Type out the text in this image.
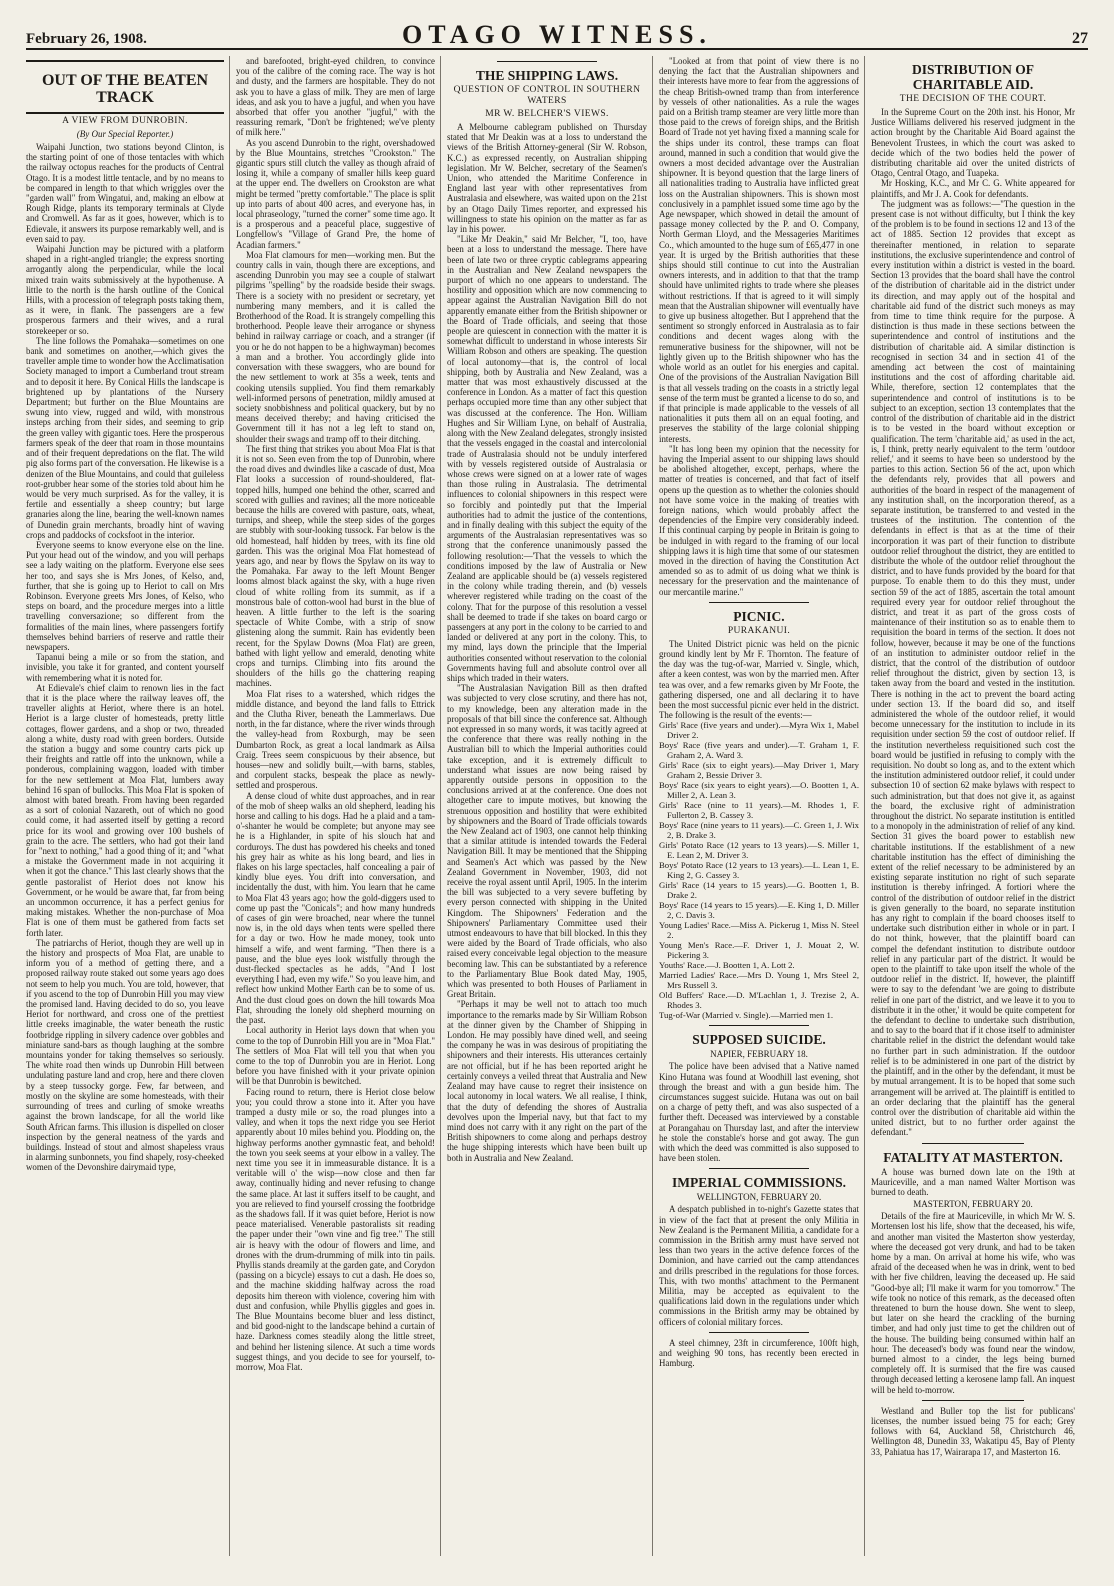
February 26, 1908.	OTAGO WITNESS.	27
OUT OF THE BEATEN TRACK
A VIEW FROM DUNROBIN.
(By Our Special Reporter.)

Waipahi Junction, two stations beyond Clinton, is the starting point of one of those tentacles with which the railway octopus reaches for the products of Central Otago. It is a modest little tentacle, and by no means to be compared in length to that which wriggles over the "garden wall" from Wingatui, and, making an elbow at Rough Ridge, plants its temporary terminals at Clyde and Cromwell. As far as it goes, however, which is to Edievale, it answers its purpose remarkably well, and is even said to pay.

Waipahi Junction may be pictured with a platform shaped in a right-angled triangle; the express snorting arrogantly along the perpendicular, while the local mixed train waits submissively at the hypothenuse. A little to the north is the harsh outline of the Conical Hills, with a procession of telegraph posts taking them, as it were, in flank. The passengers are a few prosperous farmers and their wives, and a rural storekeeper or so.

The line follows the Pomahaka—sometimes on one bank and sometimes on another,—which gives the traveller ample time to wonder how the Acclimatisation Society managed to import a Cumberland trout stream and to deposit it here. By Conical Hills the landscape is brightened up by plantations of the Nursery Department; but further on the Blue Mountains are swung into view, rugged and wild, with monstrous insteps arching from their sides, and seeming to grip the green valley with gigantic toes. Here the prosperous farmers speak of the deer that roam in those mountains and of their frequent depredations on the flat. The wild pig also forms part of the conversation. He likewise is a denizen of the Blue Mountains, and could that guileless root-grubber hear some of the stories told about him he would be very much surprised. As for the valley, it is fertile and essentially a sheep country; but large granaries along the line, bearing the well-known names of Dunedin grain merchants, broadly hint of waving crops and paddocks of cocksfoot in the interior.

Everyone seems to know everyone else on the line. Put your head out of the window, and you will perhaps see a lady waiting on the platform. Everyone else sees her too, and says she is Mrs Jones, of Kelso, and, further, that she is going up to Heriot to call on Mrs Robinson. Everyone greets Mrs Jones, of Kelso, who steps on board, and the procedure merges into a little travelling conversazione; so different from the formalities of the main lines, where passengers fortify themselves behind barriers of reserve and rattle their newspapers.

Tapanui being a mile or so from the station, and invisible, you take it for granted, and content yourself with remembering what it is noted for.

At Edievale's chief claim to renown lies in the fact that it is the place where the railway leaves off, the traveller alights at Heriot, where there is an hotel. Heriot is a large cluster of homesteads, pretty little cottages, flower gardens, and a shop or two, threaded along a white, dusty road with green borders. Outside the station a buggy and some country carts pick up their freights and rattle off into the unknown, while a ponderous, complaining waggon, loaded with timber for the new settlement at Moa Flat, lumbers away behind 16 span of bullocks. This Moa Flat is spoken of almost with bated breath. From having been regarded as a sort of colonial Nazareth, out of which no good could come, it had asserted itself by getting a record price for its wool and growing over 100 bushels of grain to the acre. The settlers, who had got their land for "next to nothing," had a good thing of it; and "what a mistake the Government made in not acquiring it when it got the chance." This last clearly shows that the gentle pastoralist of Heriot does not know his Government, or he would be aware that, far from being an uncommon occurrence, it has a perfect genius for making mistakes. Whether the non-purchase of Moa Flat is one of them must be gathered from facts set forth later.

The patriarchs of Heriot, though they are well up in the history and prospects of Moa Flat, are unable to inform you of a method of getting there, and a proposed railway route staked out some years ago does not seem to help you much. You are told, however, that if you ascend to the top of Dunrobin Hill you may view the promised land. Having decided to do so, you leave Heriot for northward, and cross one of the prettiest little creeks imaginable, the water beneath the rustic footbridge rippling in silvery cadence over gobbles and miniature sand-bars as though laughing at the sombre mountains yonder for taking themselves so seriously. The white road then winds up Dunrobin Hill between undulating pasture land and crop, here and there cloven by a steep tussocky gorge. Few, far between, and mostly on the skyline are some homesteads, with their surrounding of trees and curling of smoke wreaths against the brown landscape, for all the world like South African farms. This illusion is dispelled on closer inspection by the general neatness of the yards and buildings. Instead of stout and almost shapeless vraus in alarming sunbonnets, you find shapely, rosy-cheeked women of the Devonshire dairymaid type,

and barefooted, bright-eyed children, to convince you of the calibre of the coming race. The way is hot and dusty, and the farmers are hospitable. They do not ask you to have a glass of milk. They are men of large ideas, and ask you to have a jugful, and when you have absorbed that offer you another "jugful," with the reassuring remark, "Don't be frightened; we've plenty of milk here."

As you ascend Dunrobin to the right, overshadowed by the Blue Mountains, stretches "Crookston." The gigantic spurs still clutch the valley as though afraid of losing it, while a company of smaller hills keep guard at the upper end. The dwellers on Crookston are what might be termed "pretty comfortable." The place is split up into parts of about 400 acres, and everyone has, in local phraseology, "turned the corner" some time ago. It is a prosperous and a peaceful place, suggestive of Longfellow's "Village of Grand Pre, the home of Acadian farmers."

Moa Flat clamours for men—working men. But the country calls in vain, though there are exceptions, and ascending Dunrobin you may see a couple of stalwart pilgrims "spelling" by the roadside beside their swags. There is a society with no president or secretary, yet numbering many members, and it is called the Brotherhood of the Road. It is strangely compelling this brotherhood. People leave their arrogance or shyness behind in railway carriage or coach, and a stranger (if you or he do not happen to be a highwayman) becomes a man and a brother. You accordingly glide into conversation with these swaggers, who are bound for the new settlement to work at 35s a week, tents and cooking utensils supplied. You find them remarkably well-informed persons of penetration, mildly amused at society snobbishness and political quackery, but by no means deceived thereby; and having criticised the Government till it has not a leg left to stand on, shoulder their swags and tramp off to their ditching.

The first thing that strikes you about Moa Flat is that it is not so. Seen even from the top of Dunrobin, where the road dives and dwindles like a cascade of dust, Moa Flat looks a succession of round-shouldered, flat-topped hills, humped one behind the other, scarred and scored with gullies and ravines; all the more noticeable because the hills are covered with pasture, oats, wheat, turnips, and sheep, while the steep sides of the gorges are stubbly with sour-looking tussock. Far below is the old homestead, half hidden by trees, with its fine old garden. This was the original Moa Flat homestead of years ago, and near by flows the Spylaw on its way to the Pomahaka. Far away to the left Mount Benger looms almost black against the sky, with a huge riven cloud of white rolling from its summit, as if a monstrous bale of cotton-wool had burst in the blue of heaven. A little further to the left is the soaring spectacle of White Combe, with a strip of snow glistening along the summit. Rain has evidently been recent, for the Spylaw Downs (Moa Flat) are green, bathed with light yellow and emerald, denoting white crops and turnips. Climbing into fits around the shoulders of the hills go the chattering reaping machines.

Moa Flat rises to a watershed, which ridges the middle distance, and beyond the land falls to Ettrick and the Clutha River, beneath the Lammerlaws. Due north, in the far distance, where the river winds through the valley-head from Roxburgh, may be seen Dumbarton Rock, as great a local landmark as Ailsa Craig. Trees seem conspicuous by their absence, but houses—new and solidly built,—with barns, stables, and corpulent stacks, bespeak the place as newly-settled and prosperous.

A dense cloud of white dust approaches, and in rear of the mob of sheep walks an old shepherd, leading his horse and calling to his dogs. Had he a plaid and a tam-o'-shanter he would be complete; but anyone may see he is a Highlander, in spite of his slouch hat and corduroys. The dust has powdered his cheeks and toned his grey hair as white as his long beard, and lies in flakes on his large spectacles, half concealing a pair of kindly blue eyes. You drift into conversation, and incidentally the dust, with him. You learn that he came to Moa Flat 43 years ago; how the gold-diggers used to come up past the "Conicals"; and how many hundreds of cases of gin were broached, near where the tunnel now is, in the old days when tents were spelled there for a day or two. How he made money, took unto himself a wife, and went farming. "Then there is a pause, and the blue eyes look wistfully through the dust-flecked spectacles as he adds, "And I lost everything I had, even my wife." So you leave him, and reflect how unkind Mother Earth can be to some of us. And the dust cloud goes on down the hill towards Moa Flat, shrouding the lonely old shepherd mourning on the past.

Local authority in Heriot lays down that when you come to the top of Dunrobin Hill you are in "Moa Flat." The settlers of Moa Flat will tell you that when you come to the top of Dunrobin you are in Heriot. Long before you have finished with it your private opinion will be that Dunrobin is bewitched.

Facing round to return, there is Heriot close below you; you could throw a stone into it. After you have tramped a dusty mile or so, the road plunges into a valley, and when it tops the next ridge you see Heriot apparently about 10 miles behind you. Plodding on, the highway performs another gymnastic feat, and behold! the town you seek seems at your elbow in a valley. The next time you see it in immeasurable distance. It is a veritable will o' the wisp—now close and then far away, continually hiding and never refusing to change the same place. At last it suffers itself to be caught, and you are relieved to find yourself crossing the footbridge as the shadows fall. If it was quiet before, Heriot is now peace materialised. Venerable pastoralists sit reading the paper under their "own vine and fig tree." The still air is heavy with the odour of flowers and lime, and drones with the drum-drumming of milk into tin pails. Phyllis stands dreamily at the garden gate, and Corydon (passing on a bicycle) essays to cut a dash. He does so, and the machine skidding halfway across the road deposits him thereon with violence, covering him with dust and confusion, while Phyllis giggles and goes in. The Blue Mountains become bluer and less distinct, and bid good-night to the landscape behind a curtain of haze. Darkness comes steadily along the little street, and behind her listening silence. At such a time words suggest things, and you decide to see for yourself, to-morrow, Moa Flat.

THE SHIPPING LAWS.
QUESTION OF CONTROL IN SOUTHERN WATERS
MR W. BELCHER'S VIEWS.

A Melbourne cablegram published on Thursday stated that Mr Deakin was at a loss to understand the views of the British Attorney-general (Sir W. Robson, K.C.) as expressed recently, on Australian shipping legislation. Mr W. Belcher, secretary of the Seamen's Union, who attended the Maritime Conference in England last year with other representatives from Australasia and elsewhere, was waited upon on the 21st by an Otago Daily Times reporter, and expressed his willingness to state his opinion on the matter as far as lay in his power.

"Like Mr Deakin," said Mr Belcher, "I, too, have been at a loss to understand the message. There have been of late two or three cryptic cablegrams appearing in the Australian and New Zealand newspapers the purport of which no one appears to understand. The hostility and opposition which are now commencing to appear against the Australian Navigation Bill do not apparently emanate either from the British shipowner or the Board of Trade officials, and seeing that those people are quiescent in connection with the matter it is somewhat difficult to understand in whose interests Sir William Robson and others are speaking. The question of local autonomy—that is, the control of local shipping, both by Australia and New Zealand, was a matter that was most exhaustively discussed at the conference in London. As a matter of fact this question perhaps occupied more time than any other subject that was discussed at the conference. The Hon. William Hughes and Sir William Lyne, on behalf of Australia, along with the New Zealand delegates, strongly insisted that the vessels engaged in the coastal and intercolonial trade of Australasia should not be unduly interfered with by vessels registered outside of Australasia or whose crews were signed on at a lower rate of wages than those ruling in Australasia. The detrimental influences to colonial shipowners in this respect were so forcibly and pointedly put that the Imperial authorities had to admit the justice of the contentions, and in finally dealing with this subject the equity of the arguments of the Australasian representatives was so strong that the conference unanimously passed the following resolution:—'That the vessels to which the conditions imposed by the law of Australia or New Zealand are applicable should be (a) vessels registered in the colony while trading therein, and (b) vessels wherever registered while trading on the coast of the colony. That for the purpose of this resolution a vessel shall be deemed to trade if she takes on board cargo or passengers at any port in the colony to be carried to and landed or delivered at any port in the colony. This, to my mind, lays down the principle that the Imperial authorities consented without reservation to the colonial Governments having full and absolute control over all ships which traded in their waters.

"The Australasian Navigation Bill as then drafted was subjected to very close scrutiny, and there has not, to my knowledge, been any alteration made in the proposals of that bill since the conference sat. Although not expressed in so many words, it was tacitly agreed at the conference that there was really nothing in the Australian bill to which the Imperial authorities could take exception, and it is extremely difficult to understand what issues are now being raised by apparently outside persons in opposition to the conclusions arrived at at the conference. One does not altogether care to impute motives, but knowing the strenuous opposition and hostility that were exhibited by shipowners and the Board of Trade officials towards the New Zealand act of 1903, one cannot help thinking that a similar attitude is intended towards the Federal Navigation Bill. It may be mentioned that the Shipping and Seamen's Act which was passed by the New Zealand Government in November, 1903, did not receive the royal assent until April, 1905. In the interim the bill was subjected to a very severe buffeting by every person connected with shipping in the United Kingdom. The Shipowners' Federation and the Shipowners' Parliamentary Committee used their utmost endeavours to have that bill blocked. In this they were aided by the Board of Trade officials, who also raised every conceivable legal objection to the measure becoming law. This can be substantiated by a reference to the Parliamentary Blue Book dated May, 1905, which was presented to both Houses of Parliament in Great Britain.

"Perhaps it may be well not to attach too much importance to the remarks made by Sir William Robson at the dinner given by the Chamber of Shipping in London. He may possibly have dined well, and seeing the company he was in was desirous of propitiating the shipowners and their interests. His utterances certainly are not official, but if he has been reported aright he certainly conveys a veiled threat that Australia and New Zealand may have cause to regret their insistence on local autonomy in local waters. We all realise, I think, that the duty of defending the shores of Australia devolves upon the Imperial navy, but that fact to my mind does not carry with it any right on the part of the British shipowners to come along and perhaps destroy the huge shipping interests which have been built up both in Australia and New Zealand.

"Looked at from that point of view there is no denying the fact that the Australian shipowners and their interests have more to fear from the aggressions of the cheap British-owned tramp than from interference by vessels of other nationalities. As a rule the wages paid on a British tramp steamer are very little more than those paid to the crews of foreign ships, and the British Board of Trade not yet having fixed a manning scale for the ships under its control, these tramps can float around, manned in such a condition that would give the owners a most decided advantage over the Australian shipowner. It is beyond question that the large liners of all nationalities trading to Australia have inflicted great loss on the Australian shipowners. This is shown most conclusively in a pamphlet issued some time ago by the Age newspaper, which showed in detail the amount of passage money collected by the P. and O. Company, North German Lloyd, and the Messageries Maritimes Co., which amounted to the huge sum of £65,477 in one year. It is urged by the British authorities that these ships should still continue to cut into the Australian owners interests, and in addition to that that the tramp should have unlimited rights to trade where she pleases without restrictions. If that is agreed to it will simply mean that the Australian shipowner will eventually have to give up business altogether. But I apprehend that the sentiment so strongly enforced in Australasia as to fair conditions and decent wages along with the remunerative business for the shipowner, will not be lightly given up to the British shipowner who has the whole world as an outlet for his energies and capital. One of the provisions of the Australian Navigation Bill is that all vessels trading on the coasts in a strictly legal sense of the term must be granted a license to do so, and if that principle is made applicable to the vessels of all nationalities it puts them all on an equal footing, and preserves the stability of the large colonial shipping interests.

"It has long been my opinion that the necessity for having the Imperial assent to our shipping laws should be abolished altogether, except, perhaps, where the matter of treaties is concerned, and that fact of itself opens up the question as to whether the colonies should not have some voice in the making of treaties with foreign nations, which would probably affect the dependencies of the Empire very considerably indeed. If this continual carping by people in Britain is going to be indulged in with regard to the framing of our local shipping laws it is high time that some of our statesmen moved in the direction of having the Constitution Act amended so as to admit of us doing what we think is necessary for the preservation and the maintenance of our mercantile marine."

PICNIC.
PURAKANUI.

The United District picnic was held on the picnic ground kindly lent by Mr F. Thornton. The feature of the day was the tug-of-war, Married v. Single, which, after a keen contest, was won by the married men. After tea was over, and a few remarks given by Mr Foote, the gathering dispersed, one and all declaring it to have been the most successful picnic ever held in the district. The following is the result of the events:—

Girls' Race (five years and under).—Myra Wix 1, Mabel Driver 2.

Boys' Race (five years and under).—T. Graham 1, F. Graham 2, A. Ward 3.

Girls' Race (six to eight years).—May Driver 1, Mary Graham 2, Bessie Driver 3.

Boys' Race (six years to eight years).—O. Bootten 1, A. Miller 2, A. Lean 3.

Girls' Race (nine to 11 years).—M. Rhodes 1, F. Fullerton 2, B. Cassey 3.

Boys' Race (nine years to 11 years).—C. Green 1, J. Wix 2, B. Drake 3.

Girls' Potato Race (12 years to 13 years).—S. Miller 1, E. Lean 2, M. Driver 3.

Boys' Potato Race (12 years to 13 years).—L. Lean 1, E. King 2, G. Cassey 3.

Girls' Race (14 years to 15 years).—G. Bootten 1, B. Drake 2.

Boys' Race (14 years to 15 years).—E. King 1, D. Miller 2, C. Davis 3.

Young Ladies' Race.—Miss A. Pickerug 1, Miss N. Steel 2.

Young Men's Race.—F. Driver 1, J. Mouat 2, W. Pickering 3.

Youths' Race.—J. Bootten 1, A. Lott 2.

Married Ladies' Race.—Mrs D. Young 1, Mrs Steel 2, Mrs Russell 3.

Old Buffers' Race.—D. M'Lachlan 1, J. Trezise 2, A. Rhodes 3.

Tug-of-War (Married v. Single).—Married men 1.

SUPPOSED SUICIDE.
NAPIER, FEBRUARY 18.

The police have been advised that a Native named Kino Hutana was found at Woodhill last evening, shot through the breast and with a gun beside him. The circumstances suggest suicide. Hutana was out on bail on a charge of petty theft, and was also suspected of a further theft. Deceased was interviewed by a constable at Porangahau on Thursday last, and after the interview he stole the constable's horse and got away. The gun with which the deed was committed is also supposed to have been stolen.

IMPERIAL COMMISSIONS.
WELLINGTON, FEBRUARY 20.

A despatch published in to-night's Gazette states that in view of the fact that at present the only Militia in New Zealand is the Permanent Militia, a candidate for a commission in the British army must have served not less than two years in the active defence forces of the Dominion, and have carried out the camp attendances and drills prescribed in the regulations for those forces. This, with two months' attachment to the Permanent Militia, may be accepted as equivalent to the qualifications laid down in the regulations under which commissions in the British army may be obtained by officers of colonial military forces.

A steel chimney, 23ft in circumference, 100ft high, and weighing 90 tons, has recently been erected in Hamburg.

DISTRIBUTION OF CHARITABLE AID.
THE DECISION OF THE COURT.

In the Supreme Court on the 20th inst. his Honor, Mr Justice Williams delivered his reserved judgment in the action brought by the Charitable Aid Board against the Benevolent Trustees, in which the court was asked to decide which of the two bodies held the power of distributing charitable aid over the united districts of Otago, Central Otago, and Tuapeka.

Mr Hosking, K.C., and Mr C. G. White appeared for plaintiffs, and Mr J. A. Cook for defendants.

The judgment was as follows:—"The question in the present case is not without difficulty, but I think the key of the problem is to be found in sections 12 and 13 of the act of 1885. Section 12 provides that except as thereinafter mentioned, in relation to separate institutions, the exclusive superintendence and control of every institution within a district is vested in the board. Section 13 provides that the board shall have the control of the distribution of charitable aid in the district under its direction, and may apply out of the hospital and charitable aid fund of the district such moneys as may from time to time think require for the purpose. A distinction is thus made in these sections between the superintendence and control of institutions and the distribution of charitable aid. A similar distinction is recognised in section 34 and in section 41 of the amending act between the cost of maintaining institutions and the cost of affording charitable aid. While, therefore, section 12 contemplates that the superintendence and control of institutions is to be subject to an exception, section 13 contemplates that the control of the distribution of charitable aid in the district is to be vested in the board without exception or qualification. The term 'charitable aid,' as used in the act, is, I think, pretty nearly equivalent to the term 'outdoor relief,' and it seems to have been so understood by the parties to this action. Section 56 of the act, upon which the defendants rely, provides that all powers and authorities of the board in respect of the management of any institution shall, on the incorporation thereof, as a separate institution, be transferred to and vested in the trustees of the institution. The contention of the defendants in effect is that as at the time of their incorporation it was part of their function to distribute outdoor relief throughout the district, they are entitled to distribute the whole of the outdoor relief throughout the district, and to have funds provided by the board for that purpose. To enable them to do this they must, under section 59 of the act of 1885, ascertain the total amount required every year for outdoor relief throughout the district, and treat it as part of the gross costs of maintenance of their institution so as to enable them to requisition the board in terms of the section. It does not follow, however, because it may be one of the functions of an institution to administer outdoor relief in the district, that the control of the distribution of outdoor relief throughout the district, given by section 13, is taken away from the board and vested in the institution. There is nothing in the act to prevent the board acting under section 13. If the board did so, and itself administered the whole of the outdoor relief, it would become unnecessary for the institution to include in its requisition under section 59 the cost of outdoor relief. If the institution nevertheless requisitioned such cost the board would be justified in refusing to comply with the requisition. No doubt so long as, and to the extent which the institution administered outdoor relief, it could under subsection 10 of section 62 make bylaws with respect to such administration, but that does not give it, as against the board, the exclusive right of administration throughout the district. No separate institution is entitled to a monopoly in the administration of relief of any kind. Section 31 gives the board power to establish new charitable institutions. If the establishment of a new charitable institution has the effect of diminishing the extent of the relief necessary to be administered by an existing separate institution no right of such separate institution is thereby infringed. A fortiori where the control of the distribution of outdoor relief in the district is given generally to the board, no separate institution has any right to complain if the board chooses itself to undertake such distribution either in whole or in part. I do not think, however, that the plaintiff board can compel the defendant institution to distribute outdoor relief in any particular part of the district. It would be open to the plaintiff to take upon itself the whole of the outdoor relief in the district. If, however, the plaintiff were to say to the defendant 'we are going to distribute relief in one part of the district, and we leave it to you to distribute it in the other,' it would be quite competent for the defendant to decline to undertake such distribution, and to say to the board that if it chose itself to administer charitable relief in the district the defendant would take no further part in such administration. If the outdoor relief is to be administered in one part of the district by the plaintiff, and in the other by the defendant, it must be by mutual arrangement. It is to be hoped that some such arrangement will be arrived at. The plaintiff is entitled to an order declaring that the plaintiff has the general control over the distribution of charitable aid within the united district, but to no further order against the defendant."

FATALITY AT MASTERTON.

A house was burned down late on the 19th at Mauriceville, and a man named Walter Mortison was burned to death.

MASTERTON, FEBRUARY 20.

Details of the fire at Mauriceville, in which Mr W. S. Mortensen lost his life, show that the deceased, his wife, and another man visited the Masterton show yesterday, where the deceased got very drunk, and had to be taken home by a man. On arrival at home his wife, who was afraid of the deceased when he was in drink, went to bed with her five children, leaving the deceased up. He said "Good-bye all; I'll make it warm for you tomorrow." The wife took no notice of this remark, as the deceased often threatened to burn the house down. She went to sleep, but later on she heard the crackling of the burning timber, and had only just time to get the children out of the house. The building being consumed within half an hour. The deceased's body was found near the window, burned almost to a cinder, the legs being burned completely off. It is surmised that the fire was caused through deceased letting a kerosene lamp fall. An inquest will be held to-morrow.

Westland and Buller top the list for publicans' licenses, the number issued being 75 for each; Grey follows with 64, Auckland 58, Christchurch 46, Wellington 48, Dunedin 33, Wakatipu 45, Bay of Plenty 33, Pahiatua has 17, Wairarapa 17, and Masterton 16.
